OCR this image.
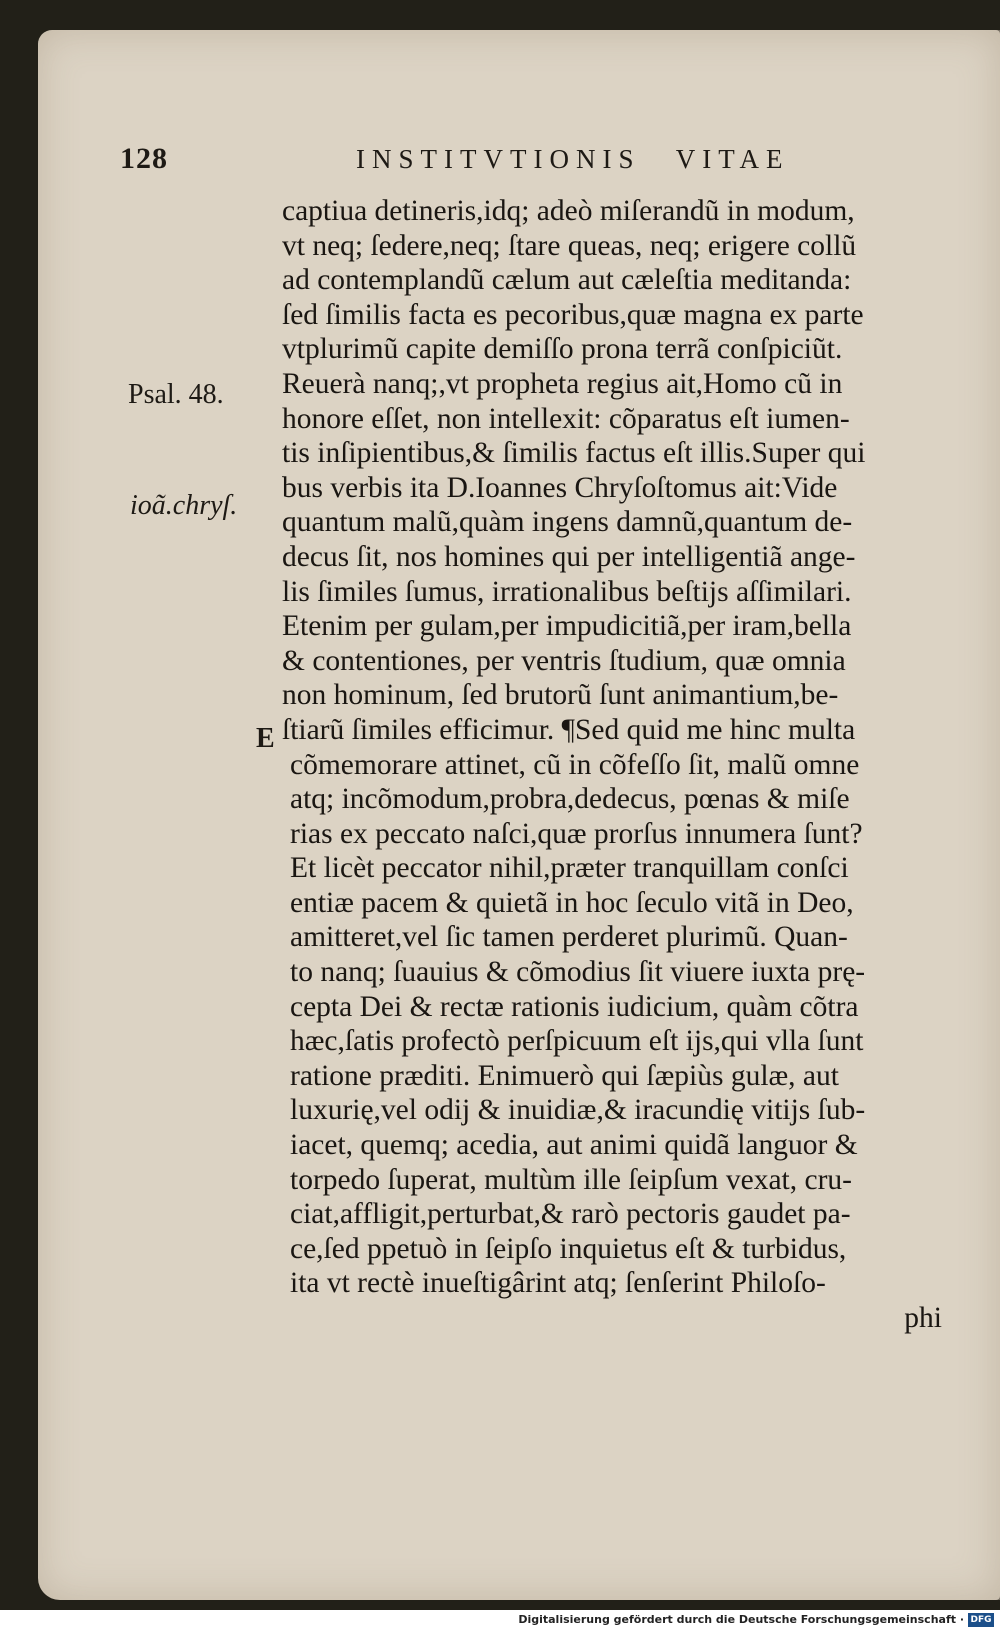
128	INSTITVTIONIS VITAE
Psal. 48.
ioã.chryſ.
E
captiua detineris,idq; adeò miſerandũ in modum,
vt neq; ſedere,neq; ſtare queas, neq; erigere collũ
ad contemplandũ cælum aut cæleſtia meditanda:
ſed ſimilis facta es pecoribus,quæ magna ex parte
vtplurimũ capite demiſſo prona terrã conſpiciũt.
Reuerà nanq;,vt propheta regius ait,Homo cũ in
honore eſſet, non intellexit: cõparatus eſt iumen-
tis inſipientibus,& ſimilis factus eſt illis.Super qui
bus verbis ita D.Ioannes Chryſoſtomus ait:Vide
quantum malũ,quàm ingens damnũ,quantum de-
decus ſit, nos homines qui per intelligentiã ange-
lis ſimiles ſumus, irrationalibus beſtijs aſſimilari.
Etenim per gulam,per impudicitiã,per iram,bella
& contentiones, per ventris ſtudium, quæ omnia
non hominum, ſed brutorũ ſunt animantium,be-
ſtiarũ ſimiles efficimur. ¶Sed quid me hinc multa
cõmemorare attinet, cũ in cõfeſſo ſit, malũ omne
atq; incõmodum,probra,dedecus, pœnas & miſe
rias ex peccato naſci,quæ prorſus innumera ſunt?
Et licèt peccator nihil,præter tranquillam conſci
entiæ pacem & quietã in hoc ſeculo vitã in Deo,
amitteret,vel ſic tamen perderet plurimũ. Quan-
to nanq; ſuauius & cõmodius ſit viuere iuxta prę-
cepta Dei & rectæ rationis iudicium, quàm cõtra
hæc,ſatis profectò perſpicuum eſt ijs,qui vlla ſunt
ratione præditi. Enimuerò qui ſæpiùs gulæ, aut
luxurię,vel odij & inuidiæ,& iracundię vitijs ſub-
iacet, quemq; acedia, aut animi quidã languor &
torpedo ſuperat, multùm ille ſeipſum vexat, cru-
ciat,affligit,perturbat,& rarò pectoris gaudet pa-
ce,ſed ppetuò in ſeipſo inquietus eſt & turbidus,
ita vt rectè inueſtigârint atq; ſenſerint Philoſo-
phi
Digitalisierung gefördert durch die Deutsche Forschungsgemeinschaft · DFG
